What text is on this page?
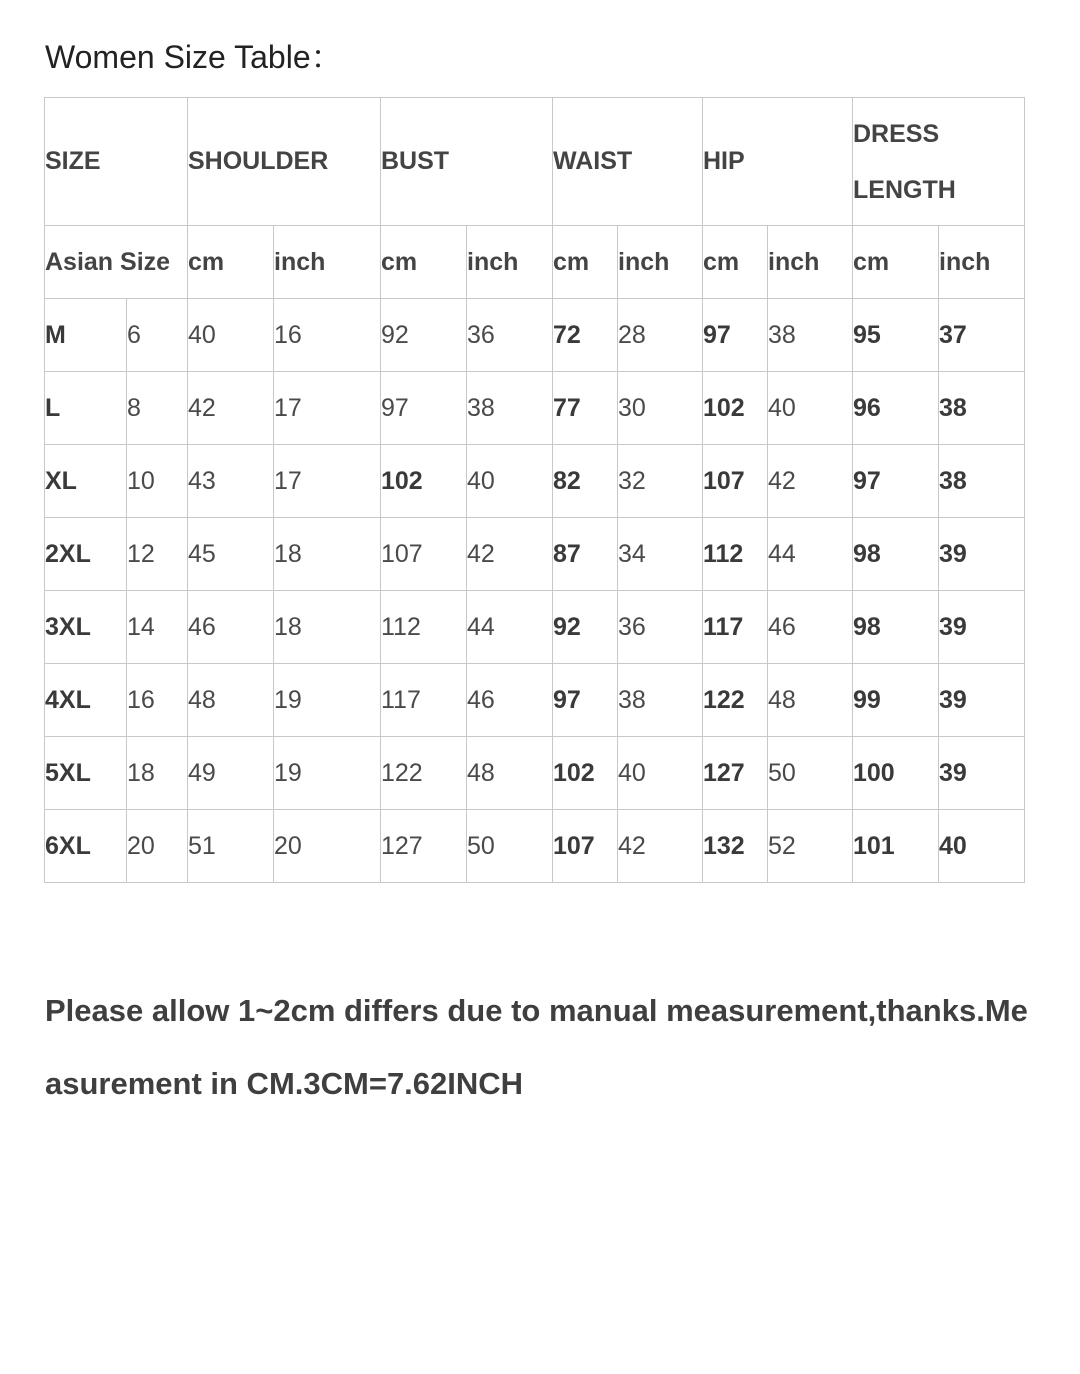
Women Size Table：
SIZE		SHOULDER		BUST		WAIST		HIP		DRESS LENGTH	

Asian Size		cm	inch	cm	inch	cm	inch	cm	inch	cm	inch
M	6	40	16	92	36	72	28	97	38	95	37
L	8	42	17	97	38	77	30	102	40	96	38
XL	10	43	17	102	40	82	32	107	42	97	38
2XL	12	45	18	107	42	87	34	112	44	98	39
3XL	14	46	18	112	44	92	36	117	46	98	39
4XL	16	48	19	117	46	97	38	122	48	99	39
5XL	18	49	19	122	48	102	40	127	50	100	39
6XL	20	51	20	127	50	107	42	132	52	101	40

Please allow 1~2cm differs due to manual measurement,thanks.Measurement in CM.3CM=7.62INCH
